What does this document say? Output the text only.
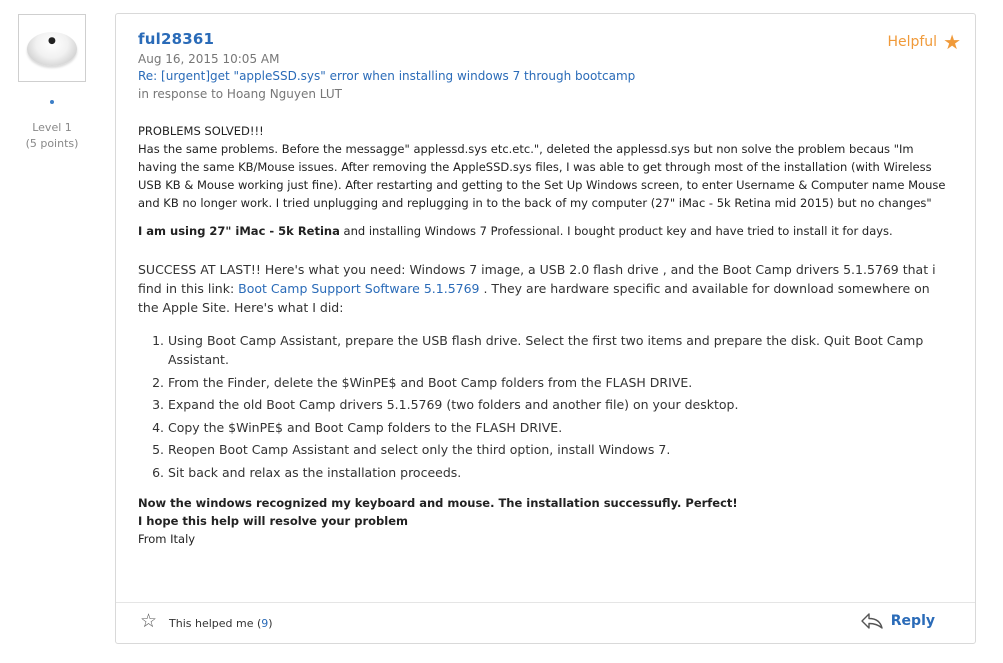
●
Level 1
(5 points)
ful28361
Aug 16, 2015 10:05 AM
Re: [urgent]get "appleSSD.sys" error when installing windows 7 through bootcamp
in response to Hoang Nguyen LUT
Helpful ★

PROBLEMS SOLVED!!!

Has the same problems. Before the messagge" applessd.sys etc.etc.", deleted the applessd.sys but non solve the problem becaus "Im having the same KB/Mouse issues. After removing the AppleSSD.sys files, I was able to get through most of the installation (with Wireless USB KB & Mouse working just fine). After restarting and getting to the Set Up Windows screen, to enter Username & Computer name Mouse and KB no longer work. I tried unplugging and replugging in to the back of my computer (27" iMac - 5k Retina mid 2015) but no changes"

I am using 27" iMac - 5k Retina and installing Windows 7 Professional. I bought product key and have tried to install it for days.

SUCCESS AT LAST!! Here's what you need: Windows 7 image, a USB 2.0 flash drive , and the Boot Camp drivers 5.1.5769 that i find in this link: Boot Camp Support Software 5.1.5769 . They are hardware specific and available for download somewhere on the Apple Site. Here's what I did:

1. Using Boot Camp Assistant, prepare the USB flash drive. Select the first two items and prepare the disk. Quit Boot Camp Assistant.
2. From the Finder, delete the $WinPE$ and Boot Camp folders from the FLASH DRIVE.
3. Expand the old Boot Camp drivers 5.1.5769 (two folders and another file) on your desktop.
4. Copy the $WinPE$ and Boot Camp folders to the FLASH DRIVE.
5. Reopen Boot Camp Assistant and select only the third option, install Windows 7.
6. Sit back and relax as the installation proceeds.

Now the windows recognized my keyboard and mouse. The installation successufly. Perfect!

I hope this help will resolve your problem

From Italy

☆ This helped me (9)	Reply
